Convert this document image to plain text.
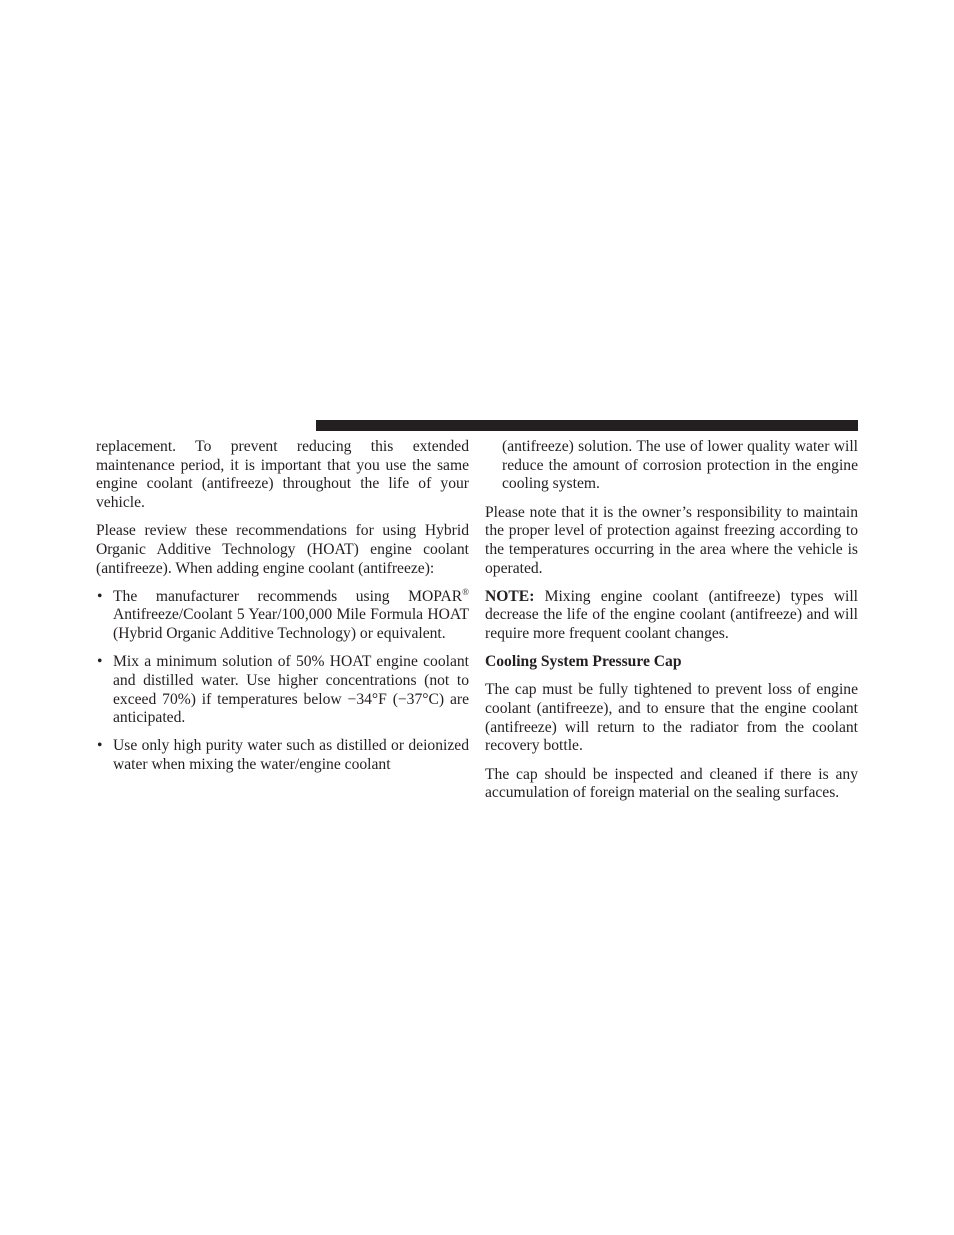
replacement. To prevent reducing this extended maintenance period, it is important that you use the same engine coolant (antifreeze) throughout the life of your vehicle.

Please review these recommendations for using Hybrid Organic Additive Technology (HOAT) engine coolant (antifreeze). When adding engine coolant (antifreeze):

• The manufacturer recommends using MOPAR® Antifreeze/Coolant 5 Year/100,000 Mile Formula HOAT (Hybrid Organic Additive Technology) or equivalent.
• Mix a minimum solution of 50% HOAT engine coolant and distilled water. Use higher concentrations (not to exceed 70%) if temperatures below −34°F (−37°C) are anticipated.
• Use only high purity water such as distilled or deionized water when mixing the water/engine coolant

(antifreeze) solution. The use of lower quality water will reduce the amount of corrosion protection in the engine cooling system.

Please note that it is the owner’s responsibility to maintain the proper level of protection against freezing according to the temperatures occurring in the area where the vehicle is operated.

NOTE: Mixing engine coolant (antifreeze) types will decrease the life of the engine coolant (antifreeze) and will require more frequent coolant changes.

Cooling System Pressure Cap

The cap must be fully tightened to prevent loss of engine coolant (antifreeze), and to ensure that the engine coolant (antifreeze) will return to the radiator from the coolant recovery bottle.

The cap should be inspected and cleaned if there is any accumulation of foreign material on the sealing surfaces.
